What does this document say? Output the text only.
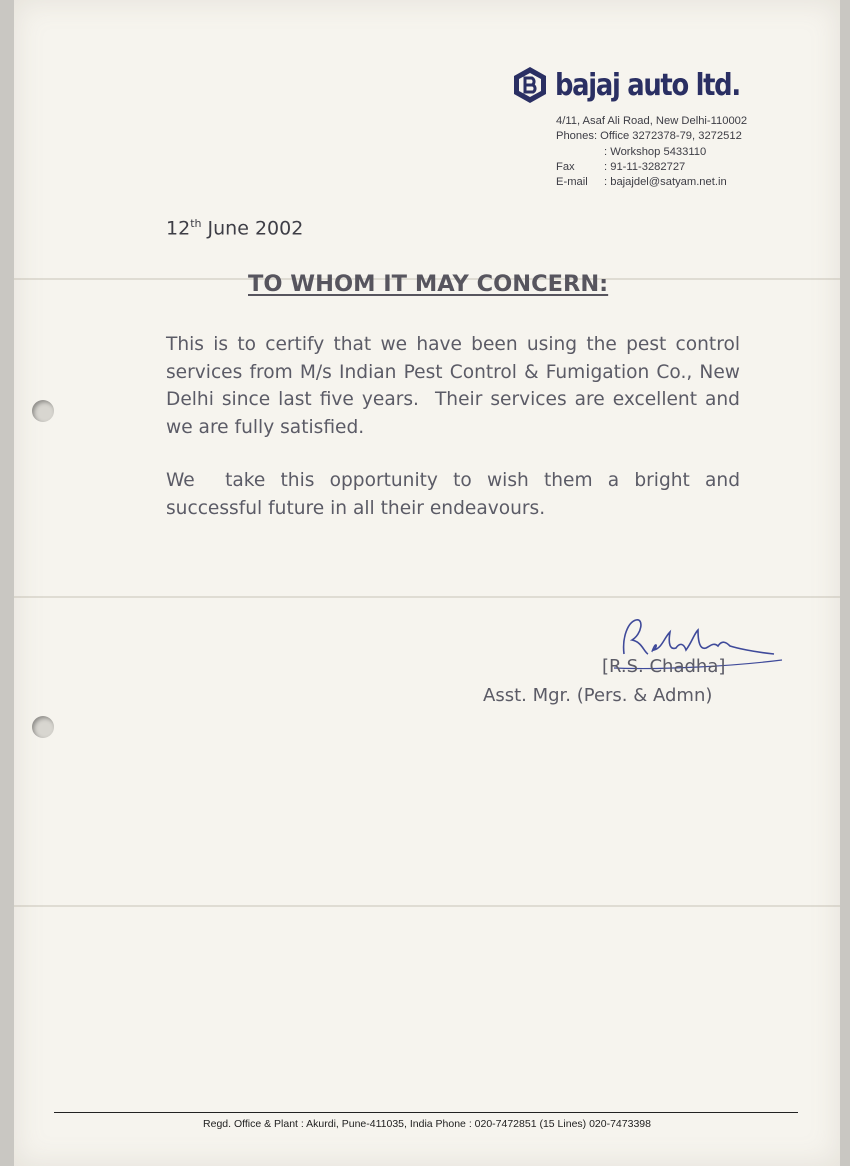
bajaj auto ltd.
4/11, Asaf Ali Road, New Delhi-110002
Phones: Office 3272378-79, 3272512
: Workshop 5433110
Fax	: 91-11-3282727
E-mail : bajajdel@satyam.net.in
12th June 2002
TO WHOM IT MAY CONCERN:

This is to certify that we have been using the pest control services from M/s Indian Pest Control & Fumigation Co., New Delhi since last five years.  Their services are excellent and we are fully satisfied.

We  take this opportunity to wish them a bright and successful future in all their endeavours.

[R.S. Chadha]
Asst. Mgr. (Pers. & Admn)
Regd. Office & Plant : Akurdi, Pune-411035, India Phone : 020-7472851 (15 Lines) 020-7473398
